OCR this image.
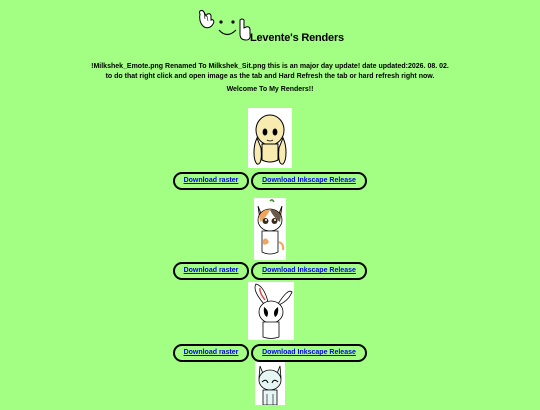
Levente's Renders
!Milkshek_Emote.png Renamed To Milkshek_Sit.png this is an major day update! date updated:2026. 08. 02.
to do that right click and open image as the tab and Hard Refresh the tab or hard refresh right now.
Welcome To My Renders!!
Download raster	Download Inkscape Release
Download raster	Download Inkscape Release
Download raster	Download Inkscape Release
